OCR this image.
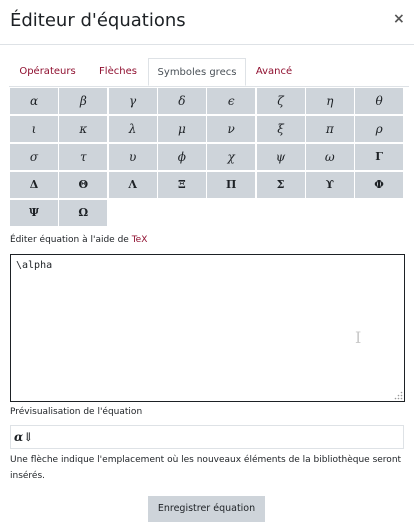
Éditeur d'équations	×
Opérateurs	Flèches	Symboles grecs	Avancé
α	β	γ	δ	ϵ	ζ	η	θ
ι	κ	λ	μ	ν	ξ	π	ρ
σ	τ	υ	ϕ	χ	ψ	ω	Γ
Δ	Θ	Λ	Ξ	Π	Σ	ϒ	Φ
Ψ	Ω
Éditer équation à l'aide de TeX
\alpha
I
Prévisualisation de l'équation
α⇓
Une flèche indique l'emplacement où les nouveaux éléments de la bibliothèque seront insérés.
Enregistrer équation
